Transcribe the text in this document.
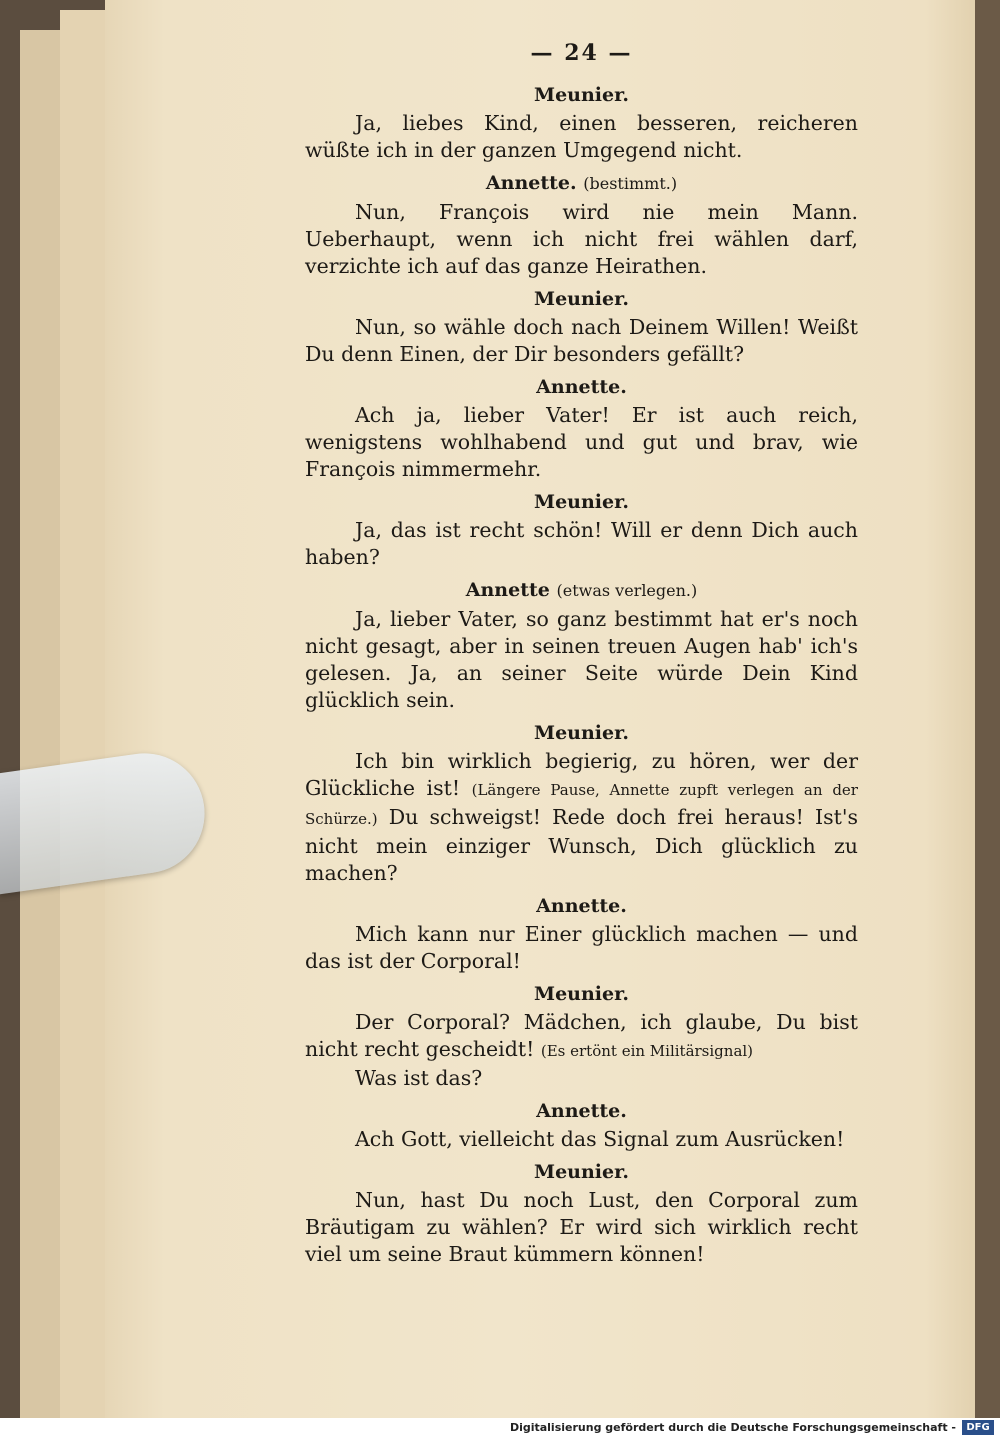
— 24 —
Meunier.

Ja, liebes Kind, einen besseren, reicheren wüßte ich in der ganzen Umgegend nicht.

Annette. (bestimmt.)

Nun, François wird nie mein Mann. Ueberhaupt, wenn ich nicht frei wählen darf, verzichte ich auf das ganze Heirathen.

Meunier.

Nun, so wähle doch nach Deinem Willen! Weißt Du denn Einen, der Dir besonders gefällt?

Annette.

Ach ja, lieber Vater! Er ist auch reich, wenigstens wohlhabend und gut und brav, wie François nimmermehr.

Meunier.

Ja, das ist recht schön! Will er denn Dich auch haben?

Annette (etwas verlegen.)

Ja, lieber Vater, so ganz bestimmt hat er's noch nicht gesagt, aber in seinen treuen Augen hab' ich's gelesen. Ja, an seiner Seite würde Dein Kind glücklich sein.

Meunier.

Ich bin wirklich begierig, zu hören, wer der Glückliche ist! (Längere Pause, Annette zupft verlegen an der Schürze.) Du schweigst! Rede doch frei heraus! Ist's nicht mein einziger Wunsch, Dich glücklich zu machen?

Annette.

Mich kann nur Einer glücklich machen — und das ist der Corporal!

Meunier.

Der Corporal? Mädchen, ich glaube, Du bist nicht recht gescheidt! (Es ertönt ein Militärsignal)

Was ist das?

Annette.

Ach Gott, vielleicht das Signal zum Ausrücken!

Meunier.

Nun, hast Du noch Lust, den Corporal zum Bräutigam zu wählen? Er wird sich wirklich recht viel um seine Braut kümmern können!

Digitalisierung gefördert durch die Deutsche Forschungsgemeinschaft -	DFG
